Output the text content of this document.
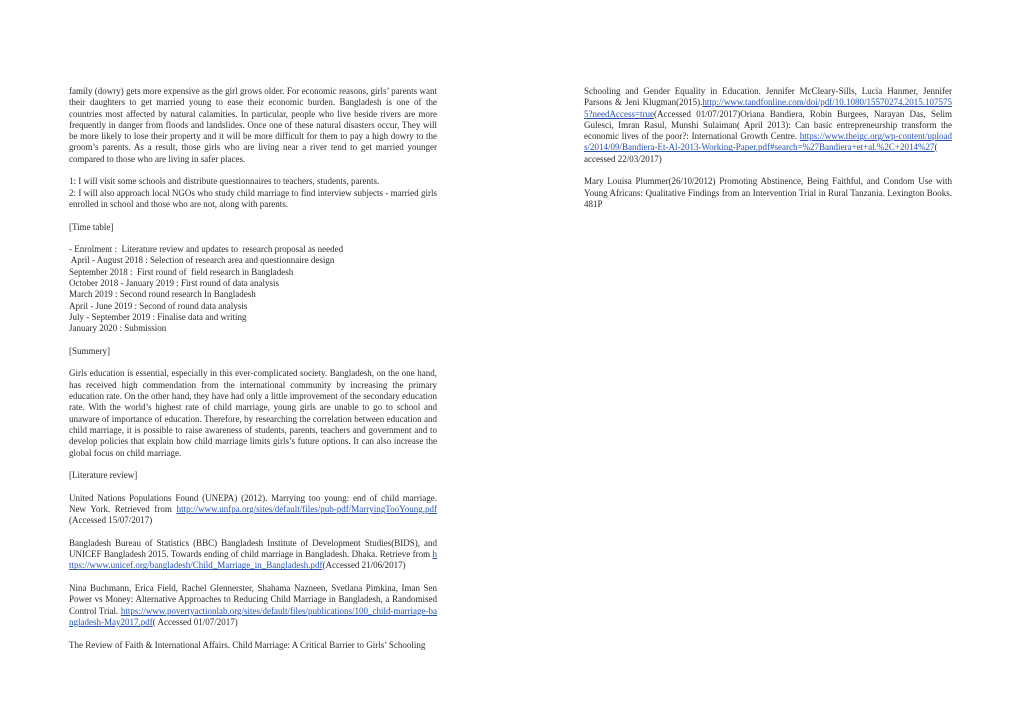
family (dowry) gets more expensive as the girl grows older. For economic reasons, girls’ parents want their daughters to get married young to ease their economic burden. Bangladesh is one of the countries most affected by natural calamities. In particular, people who live beside rivers are more frequently in danger from floods and landslides. Once one of these natural disasters occur, They will be more likely to lose their property and it will be more difficult for them to pay a high dowry to the groom’s parents. As a result, those girls who are living near a river tend to get married younger compared to those who are living in safer places.

1: I will visit some schools and distribute questionnaires to teachers, students, parents.
2: I will also approach local NGOs who study child marriage to find interview subjects - married girls enrolled in school and those who are not, along with parents.

[Time table]

- Enrolment :  Literature review and updates to  research proposal as needed
April - August 2018 : Selection of research area and questionnaire design
September 2018 :  First round of  field research in Bangladesh
October 2018 - January 2019 : First round of data analysis
March 2019 : Second round research In Bangladesh
April - June 2019 : Second of round data analysis
July - September 2019 : Finalise data and writing
January 2020 : Submission

[Summery]

Girls education is essential, especially in this ever-complicated society. Bangladesh, on the one hand, has received high commendation from the international community by increasing the primary education rate. On the other hand, they have had only a little improvement of the secondary education rate. With the world’s highest rate of child marriage, young girls are unable to go to school and unaware of importance of education. Therefore, by researching the correlation between education and child marriage, it is possible to raise awareness of students, parents, teachers and government and to develop policies that explain how child marriage limits girls’s future options. It can also increase the global focus on child marriage.

[Literature review]

United Nations Populations Found (UNEPA) (2012). Marrying too young: end of child marriage. New York. Retrieved from http://www.unfpa.org/sites/default/files/pub-pdf/MarryingTooYoung.pdf(Accessed 15/07/2017)

Bangladesh Bureau of Statistics (BBC) Bangladesh Institute of Development Studies(BIDS), and UNICEF Bangladesh 2015. Towards ending of child marriage in Bangladesh. Dhaka. Retrieve from https://www.unicef.org/bangladesh/Child_Marriage_in_Bangladesh.pdf(Accessed 21/06/2017)

Nina Buchmann, Erica Field, Rachel Glennerster, Shahama Nazneen, Svetlana Pimkina, Iman Sen Power vs Money: Alternative Approaches to Reducing Child Marriage in Bangladesh, a Randomised Control Trial. https://www.povertyactionlab.org/sites/default/files/publications/100_child-marriage-bangladesh-May2017.pdf( Accessed 01/07/2017)

The Review of Faith & International Affairs. Child Marriage: A Critical Barrier to Girls’ Schooling

Schooling and Gender Equality in Education. Jennifer McCleary-Sills, Lucia Hanmer, Jennifer Parsons & Jeni Klugman(2015).http://www.tandfonline.com/doi/pdf/10.1080/15570274.2015.1075755?needAccess=true(Accessed 01/07/2017)Oriana Bandiera, Robin Burgees, Narayan Das, Selim Gulesci, Imran Rasul, Munshi Sulaiman( April 2013): Can basic entrepreneurship transform the economic lives of the poor?: International Growth Centre. https://www.theigc.org/wp-content/uploads/2014/09/Bandiera-Et-Al-2013-Working-Paper.pdf#search=%27Bandiera+et+al.%2C+2014%27( accessed 22/03/2017)

Mary Louisa Plummer(26/10/2012) Promoting Abstinence, Being Faithful, and Condom Use with Young Africans: Qualitative Findings from an Intervention Trial in Rural Tanzania. Lexington Books. 481P
